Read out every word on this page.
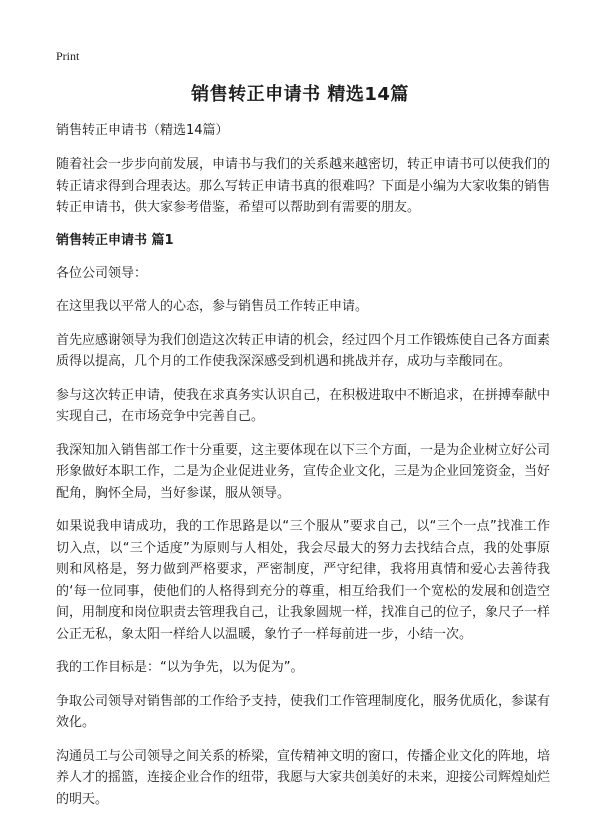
Print
销售转正申请书 精选14篇

销售转正申请书（精选14篇）

随着社会一步步向前发展，申请书与我们的关系越来越密切，转正申请书可以使我们的转正请求得到合理表达。那么写转正申请书真的很难吗？下面是小编为大家收集的销售转正申请书，供大家参考借鉴，希望可以帮助到有需要的朋友。

销售转正申请书 篇1

各位公司领导：

在这里我以平常人的心态，参与销售员工作转正申请。

首先应感谢领导为我们创造这次转正申请的机会，经过四个月工作锻炼使自己各方面素质得以提高，几个月的工作使我深深感受到机遇和挑战并存，成功与幸酸同在。

参与这次转正申请，使我在求真务实认识自己，在积极进取中不断追求，在拼搏奉献中实现自己，在市场竞争中完善自己。

我深知加入销售部工作十分重要，这主要体现在以下三个方面，一是为企业树立好公司形象做好本职工作，二是为企业促进业务，宣传企业文化，三是为企业回笼资金，当好配角，胸怀全局，当好参谋，服从领导。

如果说我申请成功，我的工作思路是以“三个服从”要求自己，以“三个一点”找准工作切入点，以“三个适度”为原则与人相处，我会尽最大的努力去找结合点，我的处事原则和风格是，努力做到严格要求，严密制度，严守纪律，我将用真情和爱心去善待我的‘每一位同事，使他们的人格得到充分的尊重，相互给我们一个宽松的发展和创造空间，用制度和岗位职责去管理我自己，让我象圆规一样，找准自己的位子，象尺子一样公正无私，象太阳一样给人以温暖，象竹子一样每前进一步，小结一次。

我的工作目标是：“以为争先，以为促为”。

争取公司领导对销售部的工作给予支持，使我们工作管理制度化，服务优质化，参谋有效化。

沟通员工与公司领导之间关系的桥梁，宣传精神文明的窗口，传播企业文化的阵地，培养人才的摇篮，连接企业合作的纽带，我愿与大家共创美好的未来，迎接公司辉煌灿烂的明天。
